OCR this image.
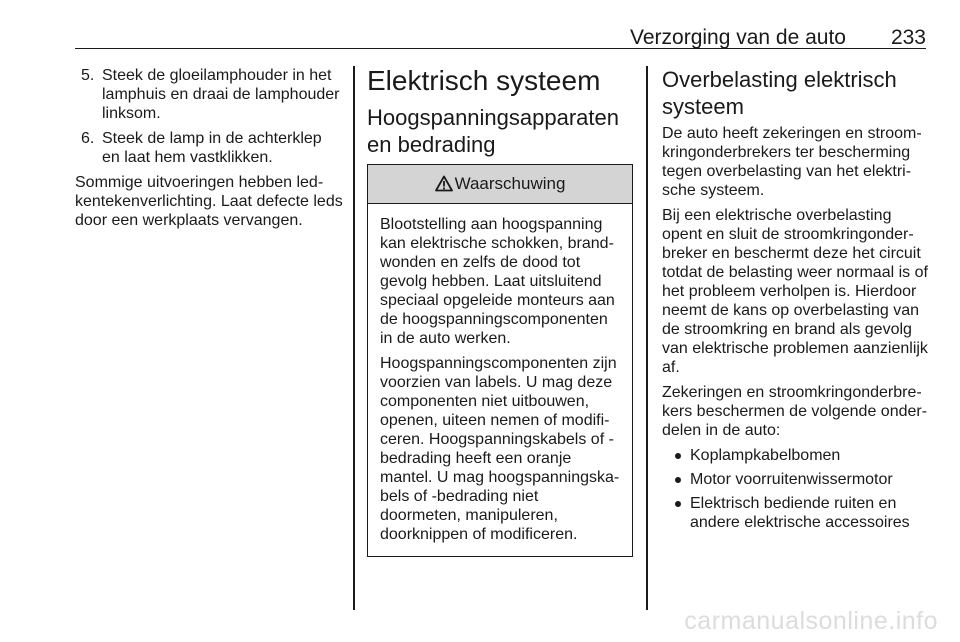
Verzorging van de auto 233
5. Steek de gloeilamphouder in het lamphuis en draai de lamphouder linksom.
6. Steek de lamp in de achterklep en laat hem vastklikken.

Sommige uitvoeringen hebben led-kentekenverlichting. Laat defecte leds door een werkplaats vervangen.

Elektrisch systeem
Hoogspanningsapparaten en bedrading
Waarschuwing

Blootstelling aan hoogspanning kan elektrische schokken, brand-wonden en zelfs de dood tot gevolg hebben. Laat uitsluitend speciaal opgeleide monteurs aan de hoogspanningscomponenten in de auto werken.

Hoogspanningscomponenten zijn voorzien van labels. U mag deze componenten niet uitbouwen, openen, uiteen nemen of modifi-ceren. Hoogspanningskabels of -bedrading heeft een oranje mantel. U mag hoogspanningska-bels of -bedrading niet doormeten, manipuleren, doorknippen of modificeren.

Overbelasting elektrisch systeem

De auto heeft zekeringen en stroom-kringonderbrekers ter bescherming tegen overbelasting van het elektri-sche systeem.

Bij een elektrische overbelasting opent en sluit de stroomkringonder-breker en beschermt deze het circuit totdat de belasting weer normaal is of het probleem verholpen is. Hierdoor neemt de kans op overbelasting van de stroomkring en brand als gevolg van elektrische problemen aanzienlijk af.

Zekeringen en stroomkringonderbre-kers beschermen de volgende onder-delen in de auto:

Koplampkabelbomen
Motor voorruitenwissermotor
Elektrisch bediende ruiten en andere elektrische accessoires
carmanualsonline.info
